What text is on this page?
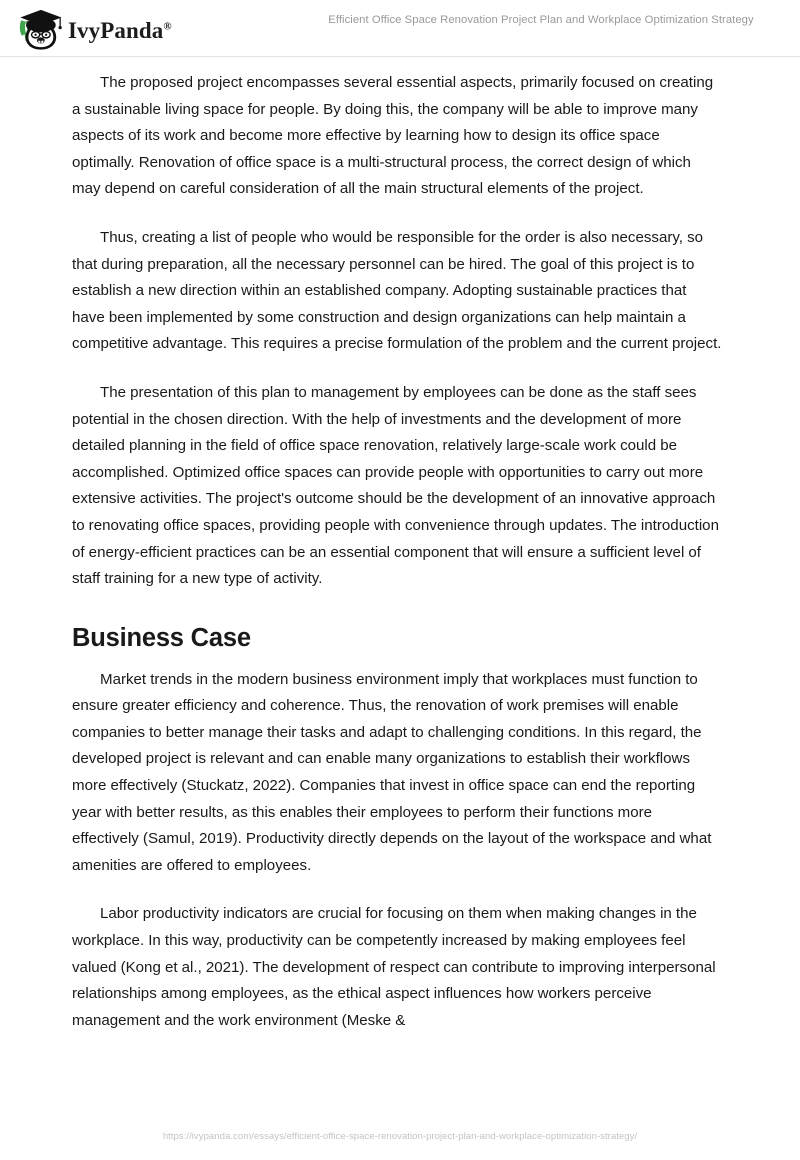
IvyPanda®	Efficient Office Space Renovation Project Plan and Workplace Optimization Strategy

The proposed project encompasses several essential aspects, primarily focused on creating a sustainable living space for people. By doing this, the company will be able to improve many aspects of its work and become more effective by learning how to design its office space optimally. Renovation of office space is a multi-structural process, the correct design of which may depend on careful consideration of all the main structural elements of the project.

Thus, creating a list of people who would be responsible for the order is also necessary, so that during preparation, all the necessary personnel can be hired. The goal of this project is to establish a new direction within an established company. Adopting sustainable practices that have been implemented by some construction and design organizations can help maintain a competitive advantage. This requires a precise formulation of the problem and the current project.

The presentation of this plan to management by employees can be done as the staff sees potential in the chosen direction. With the help of investments and the development of more detailed planning in the field of office space renovation, relatively large-scale work could be accomplished. Optimized office spaces can provide people with opportunities to carry out more extensive activities. The project's outcome should be the development of an innovative approach to renovating office spaces, providing people with convenience through updates. The introduction of energy-efficient practices can be an essential component that will ensure a sufficient level of staff training for a new type of activity.

Business Case

Market trends in the modern business environment imply that workplaces must function to ensure greater efficiency and coherence. Thus, the renovation of work premises will enable companies to better manage their tasks and adapt to challenging conditions. In this regard, the developed project is relevant and can enable many organizations to establish their workflows more effectively (Stuckatz, 2022). Companies that invest in office space can end the reporting year with better results, as this enables their employees to perform their functions more effectively (Samul, 2019). Productivity directly depends on the layout of the workspace and what amenities are offered to employees.

Labor productivity indicators are crucial for focusing on them when making changes in the workplace. In this way, productivity can be competently increased by making employees feel valued (Kong et al., 2021). The development of respect can contribute to improving interpersonal relationships among employees, as the ethical aspect influences how workers perceive management and the work environment (Meske &

https://ivypanda.com/essays/efficient-office-space-renovation-project-plan-and-workplace-optimization-strategy/
